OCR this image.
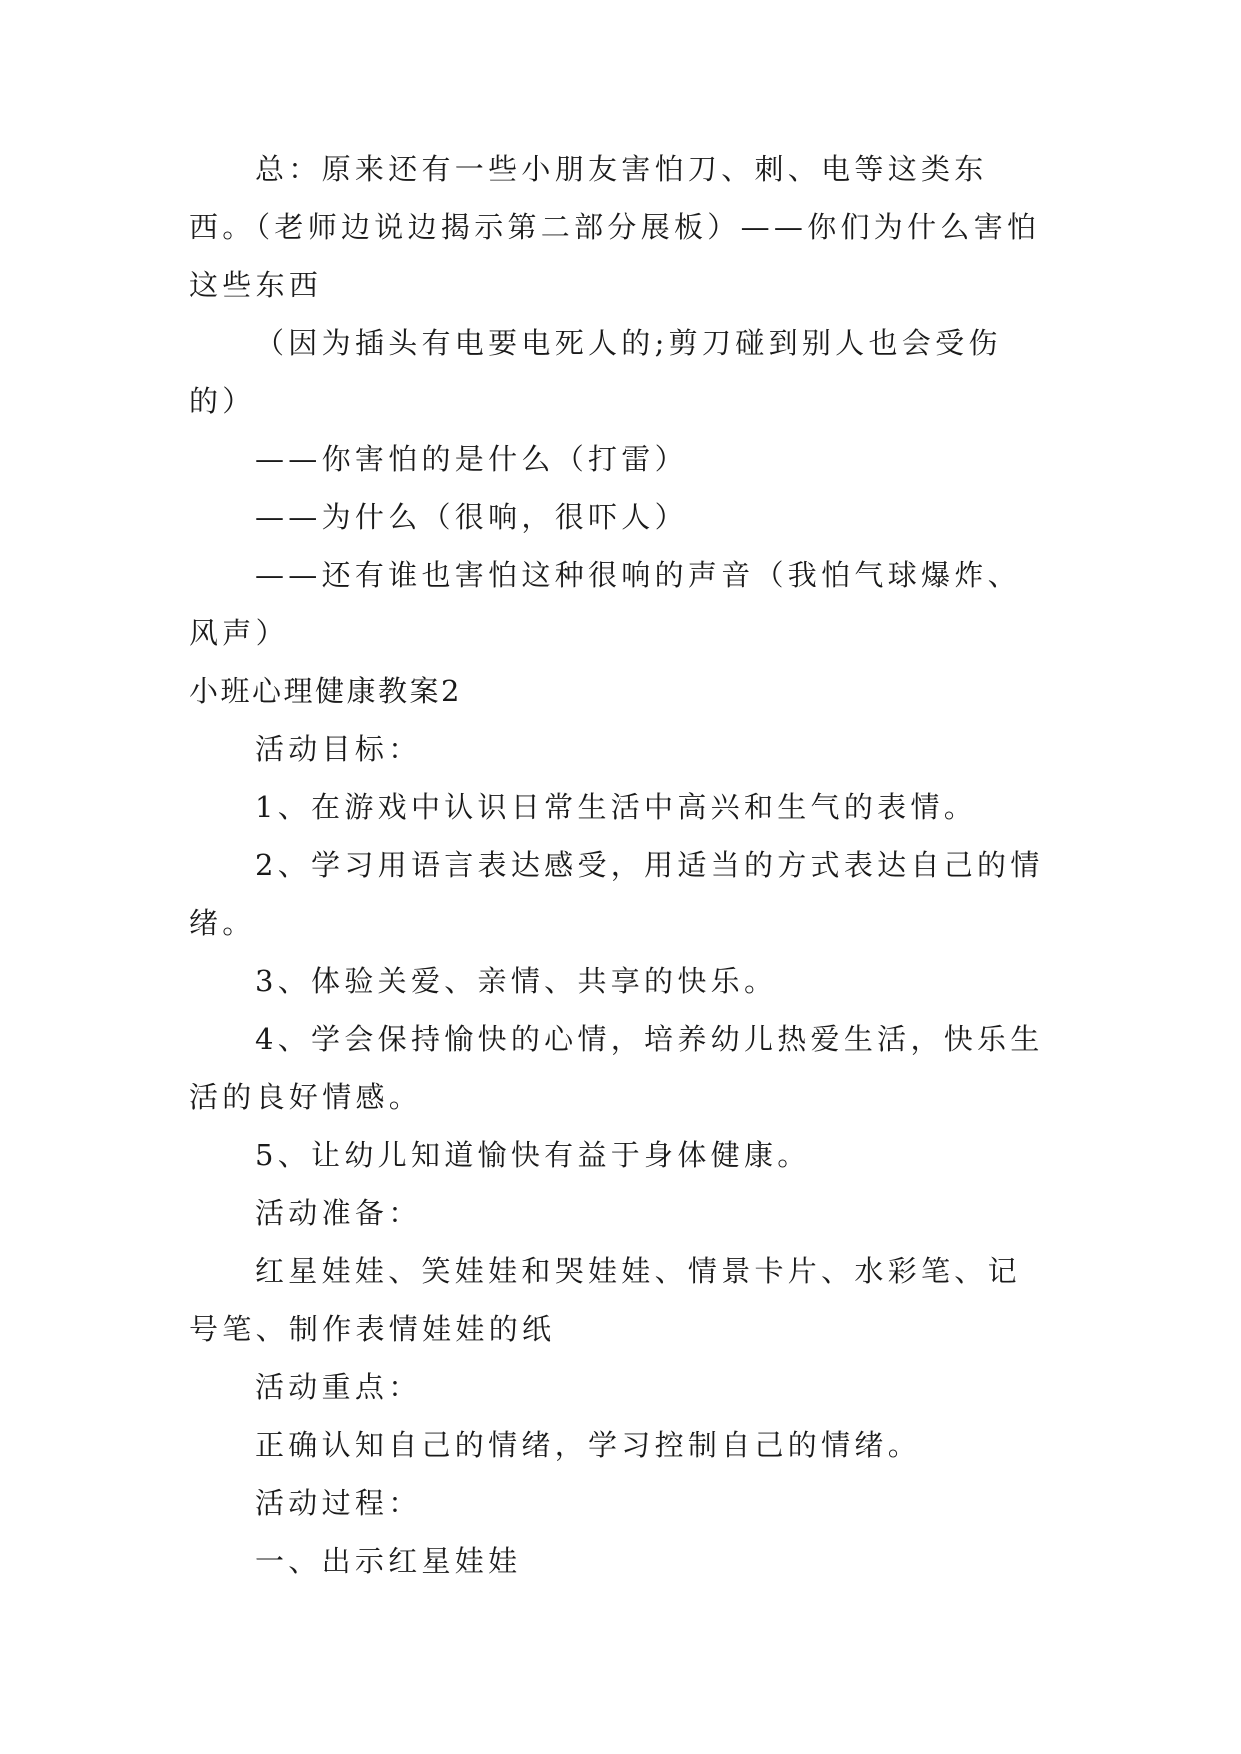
总：原来还有一些小朋友害怕刀、刺、电等这类东西。（老师边说边揭示第二部分展板）——你们为什么害怕这些东西

（因为插头有电要电死人的;剪刀碰到别人也会受伤的）

——你害怕的是什么（打雷）

——为什么（很响，很吓人）

——还有谁也害怕这种很响的声音（我怕气球爆炸、风声）

小班心理健康教案2

活动目标：

1、在游戏中认识日常生活中高兴和生气的表情。

2、学习用语言表达感受，用适当的方式表达自己的情绪。

3、体验关爱、亲情、共享的快乐。

4、学会保持愉快的心情，培养幼儿热爱生活，快乐生活的良好情感。

5、让幼儿知道愉快有益于身体健康。

活动准备：

红星娃娃、笑娃娃和哭娃娃、情景卡片、水彩笔、记号笔、制作表情娃娃的纸

活动重点：

正确认知自己的情绪，学习控制自己的情绪。

活动过程：

一、出示红星娃娃
